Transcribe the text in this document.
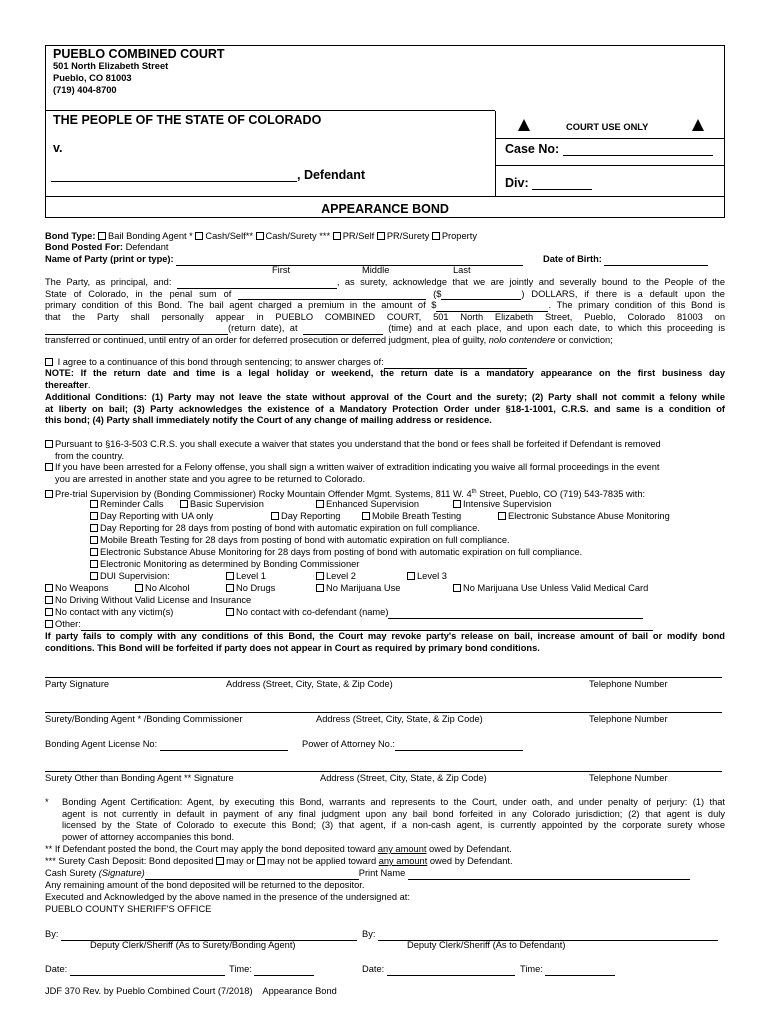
PUEBLO COMBINED COURT
501 North Elizabeth Street
Pueblo, CO 81003
(719) 404-8700
THE PEOPLE OF THE STATE OF COLORADO
v.
, Defendant
COURT USE ONLY
Case No:
Div:
APPEARANCE BOND
Bond Type: Bail Bonding Agent * Cash/Self** Cash/Surety *** PR/Self PR/Surety Property
Bond Posted For: Defendant
Name of Party (print or type):	Date of Birth:
First	Middle	Last
The Party, as principal, and:	, as surety, acknowledge that we are jointly and severally bound to the People of the
State of Colorado, in the penal sum of	($	) DOLLARS, if there is a default upon the
primary condition of this Bond. The bail agent charged a premium in the amount of $	. The primary condition of this Bond is
that the Party shall personally appear in PUEBLO COMBINED COURT, 501 North Elizabeth Street, Pueblo, Colorado 81003 on
(return date), at	(time) and at each place, and upon each date, to which this proceeding is
transferred or continued, until entry of an order for deferred prosecution or deferred judgment, plea of guilty, nolo contendere or conviction;
I agree to a continuance of this bond through sentencing; to answer charges of:
NOTE: If the return date and time is a legal holiday or weekend, the return date is a mandatory appearance on the first business day
thereafter.
Additional Conditions: (1) Party may not leave the state without approval of the Court and the surety; (2) Party shall not commit a felony while
at liberty on bail; (3) Party acknowledges the existence of a Mandatory Protection Order under §18-1-1001, C.R.S. and same is a condition of
this bond; (4) Party shall immediately notify the Court of any change of mailing address or residence.
Pursuant to §16-3-503 C.R.S. you shall execute a waiver that states you understand that the bond or fees shall be forfeited if Defendant is removed
from the country.
If you have been arrested for a Felony offense, you shall sign a written waiver of extradition indicating you waive all formal proceedings in the event
you are arrested in another state and you agree to be returned to Colorado.
Pre-trial Supervision by (Bonding Commissioner) Rocky Mountain Offender Mgmt. Systems, 811 W. 4th Street, Pueblo, CO (719) 543-7835 with:
Reminder Calls	Basic Supervision	Enhanced Supervision	Intensive Supervision
Day Reporting with UA only	Day Reporting	Mobile Breath Testing	Electronic Substance Abuse Monitoring
Day Reporting for 28 days from posting of bond with automatic expiration on full compliance.
Mobile Breath Testing for 28 days from posting of bond with automatic expiration on full compliance.
Electronic Substance Abuse Monitoring for 28 days from posting of bond with automatic expiration on full compliance.
Electronic Monitoring as determined by Bonding Commissioner
DUI Supervision:	Level 1	Level 2	Level 3
No Weapons	No Alcohol	No Drugs	No Marijuana Use	No Marijuana Use Unless Valid Medical Card
No Driving Without Valid License and Insurance
No contact with any victim(s)	No contact with co-defendant (name)
Other:
If party fails to comply with any conditions of this Bond, the Court may revoke party's release on bail, increase amount of bail or modify bond
conditions. This Bond will be forfeited if party does not appear in Court as required by primary bond conditions.
Party Signature	Address (Street, City, State, & Zip Code)	Telephone Number
Surety/Bonding Agent * /Bonding Commissioner	Address (Street, City, State, & Zip Code)	Telephone Number
Bonding Agent License No:	Power of Attorney No.:
Surety Other than Bonding Agent ** Signature	Address (Street, City, State, & Zip Code)	Telephone Number
* Bonding Agent Certification: Agent, by executing this Bond, warrants and represents to the Court, under oath, and under penalty of perjury: (1) that
agent is not currently in default in payment of any final judgment upon any bail bond forfeited in any Colorado jurisdiction; (2) that agent is duly
licensed by the State of Colorado to execute this Bond; (3) that agent, if a non-cash agent, is currently appointed by the corporate surety whose
power of attorney accompanies this bond.
** If Defendant posted the bond, the Court may apply the bond deposited toward any amount owed by Defendant.
*** Surety Cash Deposit: Bond deposited may or may not be applied toward any amount owed by Defendant.
Cash Surety (Signature)	Print Name
Any remaining amount of the bond deposited will be returned to the depositor.
Executed and Acknowledged by the above named in the presence of the undersigned at:
PUEBLO COUNTY SHERIFF'S OFFICE
By:	By:
Deputy Clerk/Sheriff (As to Surety/Bonding Agent)	Deputy Clerk/Sheriff (As to Defendant)
Date:	Time:	Date:	Time:
JDF 370 Rev. by Pueblo Combined Court (7/2018)    Appearance Bond
